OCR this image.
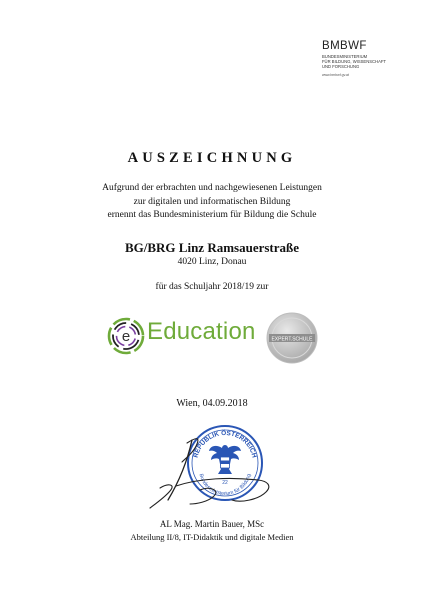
BMBWF
BUNDESMINISTERIUM
FÜR BILDUNG, WISSENSCHAFT
UND FORSCHUNG
www.bmbwf.gv.at
AUSZEICHNUNG
Aufgrund der erbrachten und nachgewiesenen Leistungen
zur digitalen und informatischen Bildung
ernennt das Bundesministerium für Bildung die Schule
BG/BRG Linz Ramsauerstraße
4020 Linz, Donau
für das Schuljahr 2018/19 zur
e Education	EXPERT.SCHULE
Wien, 04.09.2018
REPUBLIK ÖSTERREICH
Bundesministerium für Bildung
22
AL Mag. Martin Bauer, MSc
Abteilung II/8, IT-Didaktik und digitale Medien
